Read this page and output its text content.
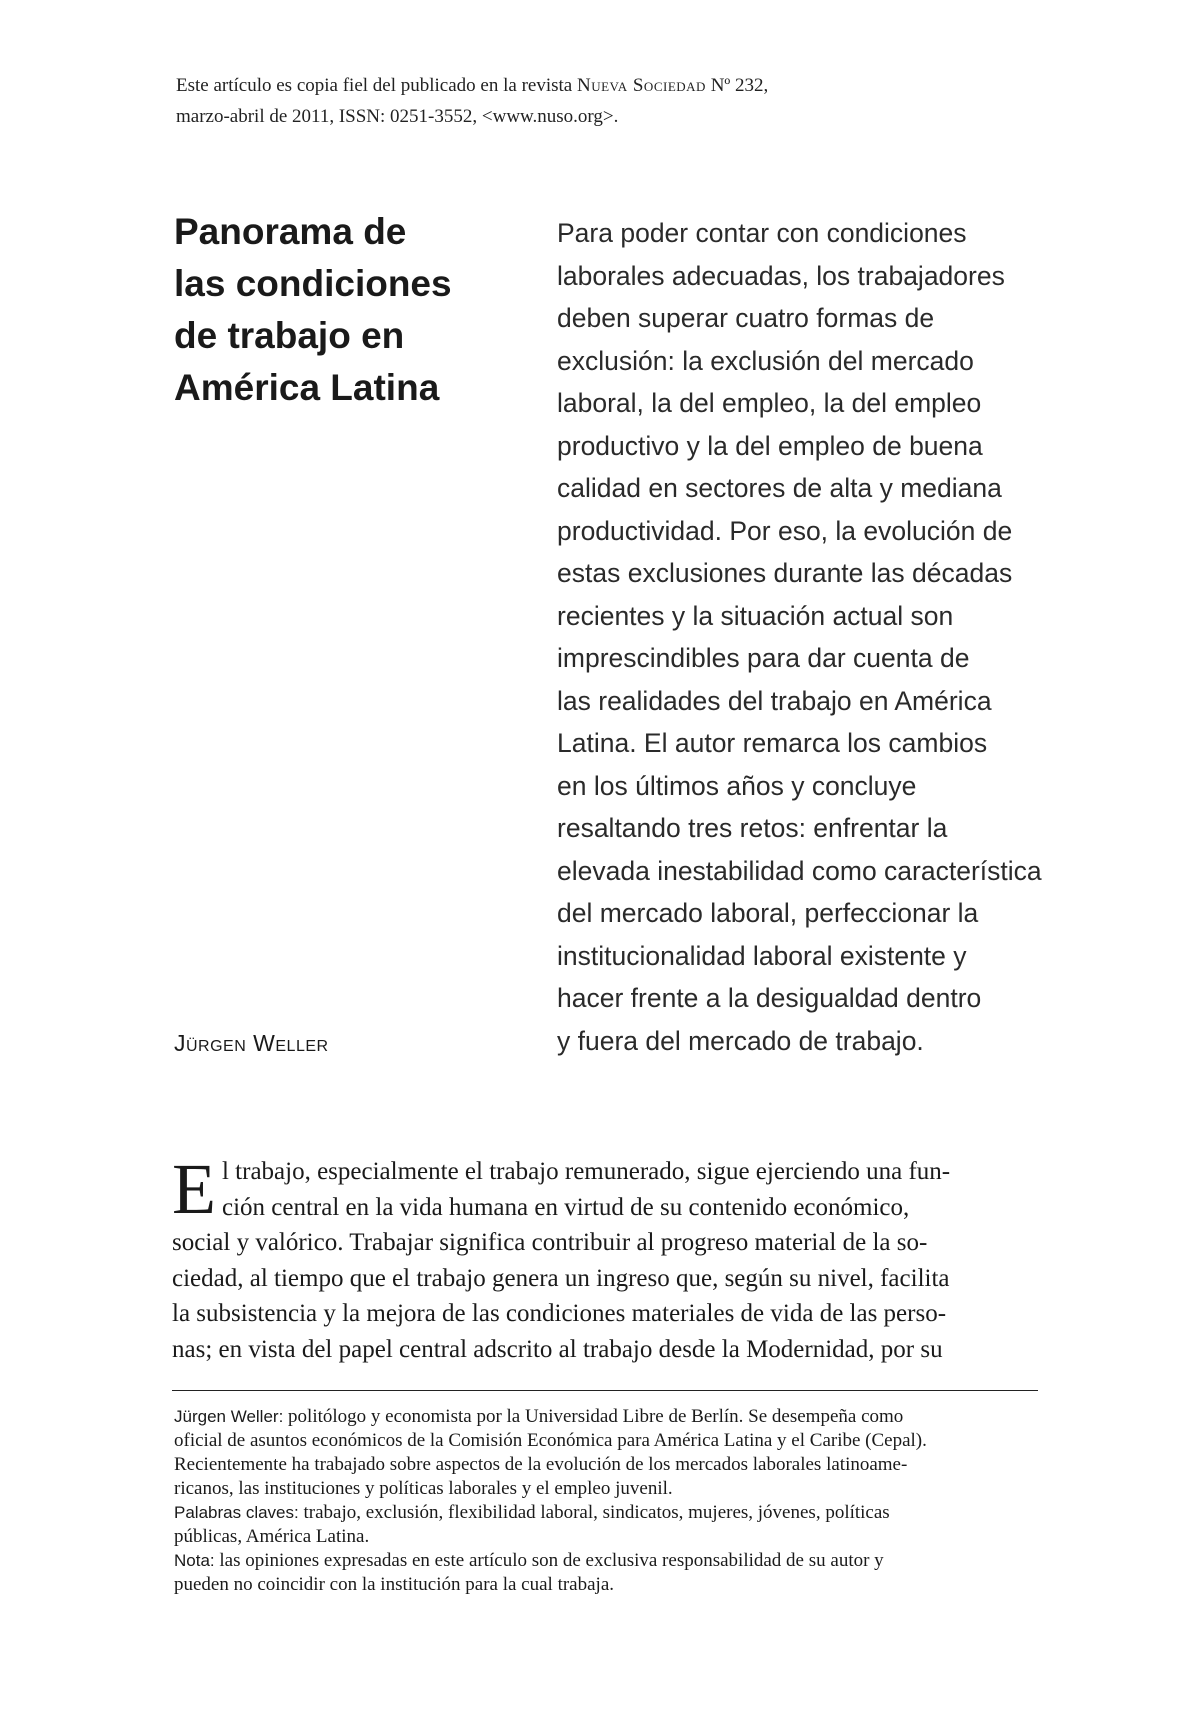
Este artículo es copia fiel del publicado en la revista Nueva Sociedad Nº 232,
marzo-abril de 2011, ISSN: 0251-3552, <www.nuso.org>.
Panorama de
las condiciones
de trabajo en
América Latina
Jürgen Weller
Para poder contar con condiciones
laborales adecuadas, los trabajadores
deben superar cuatro formas de
exclusión: la exclusión del mercado
laboral, la del empleo, la del empleo
productivo y la del empleo de buena
calidad en sectores de alta y mediana
productividad. Por eso, la evolución de
estas exclusiones durante las décadas
recientes y la situación actual son
imprescindibles para dar cuenta de
las realidades del trabajo en América
Latina. El autor remarca los cambios
en los últimos años y concluye
resaltando tres retos: enfrentar la
elevada inestabilidad como característica
del mercado laboral, perfeccionar la
institucionalidad laboral existente y
hacer frente a la desigualdad dentro
y fuera del mercado de trabajo.
E l trabajo, especialmente el trabajo remunerado, sigue ejerciendo una fun-
ción central en la vida humana en virtud de su contenido económico,
social y valórico. Trabajar significa contribuir al progreso material de la so-
ciedad, al tiempo que el trabajo genera un ingreso que, según su nivel, facilita
la subsistencia y la mejora de las condiciones materiales de vida de las perso-
nas; en vista del papel central adscrito al trabajo desde la Modernidad, por su
Jürgen Weller: politólogo y economista por la Universidad Libre de Berlín. Se desempeña como
oficial de asuntos económicos de la Comisión Económica para América Latina y el Caribe (Cepal).
Recientemente ha trabajado sobre aspectos de la evolución de los mercados laborales latinoame-
ricanos, las instituciones y políticas laborales y el empleo juvenil.
Palabras claves: trabajo, exclusión, flexibilidad laboral, sindicatos, mujeres, jóvenes, políticas
públicas, América Latina.
Nota: las opiniones expresadas en este artículo son de exclusiva responsabilidad de su autor y
pueden no coincidir con la institución para la cual trabaja.
